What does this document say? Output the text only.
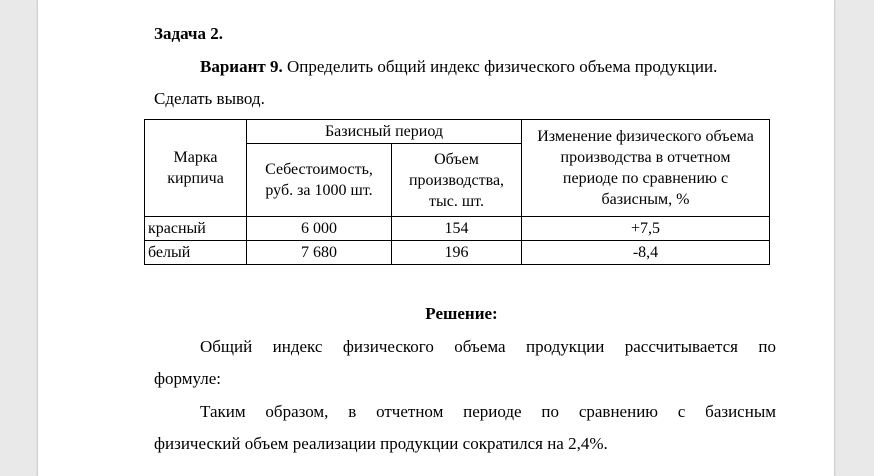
Задача 2.
Вариант 9. Определить общий индекс физического объема продукции.
Сделать вывод.
Марка кирпича	Базисный период		Изменение физического объема производства в отчетном периоде по сравнению с базисным, %
	Себестоимость, руб. за 1000 шт.	Объем производства, тыс. шт.	
красный	6 000	154	+7,5
белый	7 680	196	-8,4
Решение:
Общий индекс физического объема продукции рассчитывается по
формуле:
Таким образом, в отчетном периоде по сравнению с базисным
физический объем реализации продукции сократился на 2,4%.
